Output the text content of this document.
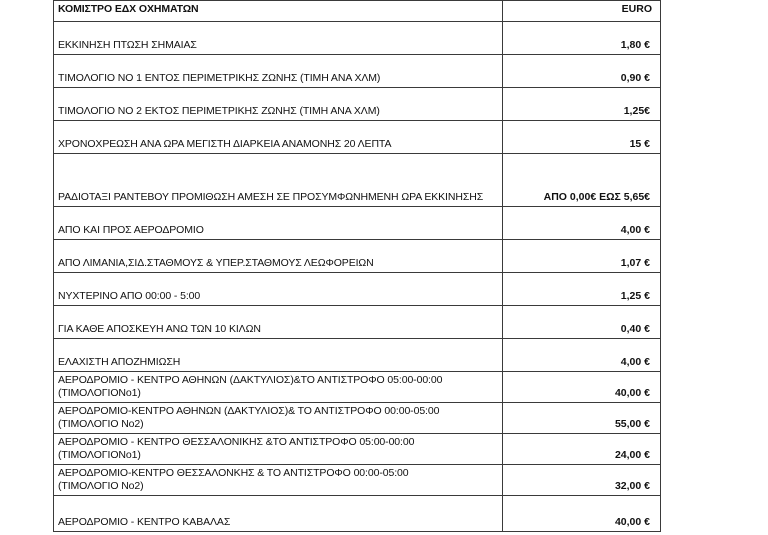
ΚΟΜΙΣΤΡΟ ΕΔΧ ΟΧΗΜΑΤΩΝ	EURO
ΕΚΚΙΝΗΣΗ ΠΤΩΣΗ ΣΗΜΑΙΑΣ	1,80 €
ΤΙΜΟΛΟΓΙΟ ΝΟ 1 ΕΝΤΟΣ ΠΕΡΙΜΕΤΡΙΚΗΣ ΖΩΝΗΣ (ΤΙΜΗ ΑΝΑ ΧΛΜ)	0,90 €
ΤΙΜΟΛΟΓΙΟ ΝΟ 2 ΕΚΤΟΣ ΠΕΡΙΜΕΤΡΙΚΗΣ ΖΩΝΗΣ (ΤΙΜΗ ΑΝΑ ΧΛΜ)	1,25€
ΧΡΟΝΟΧΡΕΩΣΗ ΑΝΑ ΩΡΑ ΜΕΓΙΣΤΗ ΔΙΑΡΚΕΙΑ ΑΝΑΜΟΝΗΣ 20 ΛΕΠΤΑ	15 €
ΡΑΔΙΟΤΑΞΙ ΡΑΝΤΕΒΟΥ ΠΡΟΜΙΘΩΣΗ ΑΜΕΣΗ ΣΕ ΠΡΟΣΥΜΦΩΝΗΜΕΝΗ ΩΡΑ ΕΚΚΙΝΗΣΗΣ	ΑΠΟ 0,00€ ΕΩΣ 5,65€
ΑΠΟ ΚΑΙ ΠΡΟΣ ΑΕΡΟΔΡΟΜΙΟ	4,00 €
ΑΠΟ ΛΙΜΑΝΙΑ,ΣΙΔ.ΣΤΑΘΜΟΥΣ & ΥΠΕΡ.ΣΤΑΘΜΟΥΣ ΛΕΩΦΟΡΕΙΩΝ	1,07 €
ΝΥΧΤΕΡΙΝΟ ΑΠΟ 00:00 - 5:00	1,25 €
ΓΙΑ ΚΑΘΕ ΑΠΟΣΚΕΥΗ ΑΝΩ ΤΩΝ 10 ΚΙΛΩΝ	0,40 €
ΕΛΑΧΙΣΤΗ ΑΠΟΖΗΜΙΩΣΗ	4,00 €
ΑΕΡΟΔΡΟΜΙΟ - ΚΕΝΤΡΟ ΑΘΗΝΩΝ (ΔΑΚΤΥΛΙΟΣ)&ΤΟ ΑΝΤΙΣΤΡΟΦΟ 05:00-00:00
(ΤΙΜΟΛΟΓΙΟΝο1)	40,00 €
ΑΕΡΟΔΡΟΜΙΟ-ΚΕΝΤΡΟ ΑΘΗΝΩΝ (ΔΑΚΤΥΛΙΟΣ)& ΤΟ ΑΝΤΙΣΤΡΟΦΟ 00:00-05:00
(ΤΙΜΟΛΟΓΙΟ Νο2)	55,00 €
ΑΕΡΟΔΡΟΜΙΟ - ΚΕΝΤΡΟ ΘΕΣΣΑΛΟΝΙΚΗΣ &ΤΟ ΑΝΤΙΣΤΡΟΦΟ 05:00-00:00
(ΤΙΜΟΛΟΓΙΟΝο1)	24,00 €
ΑΕΡΟΔΡΟΜΙΟ-ΚΕΝΤΡΟ ΘΕΣΣΑΛΟΝΚΗΣ & ΤΟ ΑΝΤΙΣΤΡΟΦΟ 00:00-05:00
(ΤΙΜΟΛΟΓΙΟ Νο2)	32,00 €
ΑΕΡΟΔΡΟΜΙΟ - ΚΕΝΤΡΟ ΚΑΒΑΛΑΣ	40,00 €
